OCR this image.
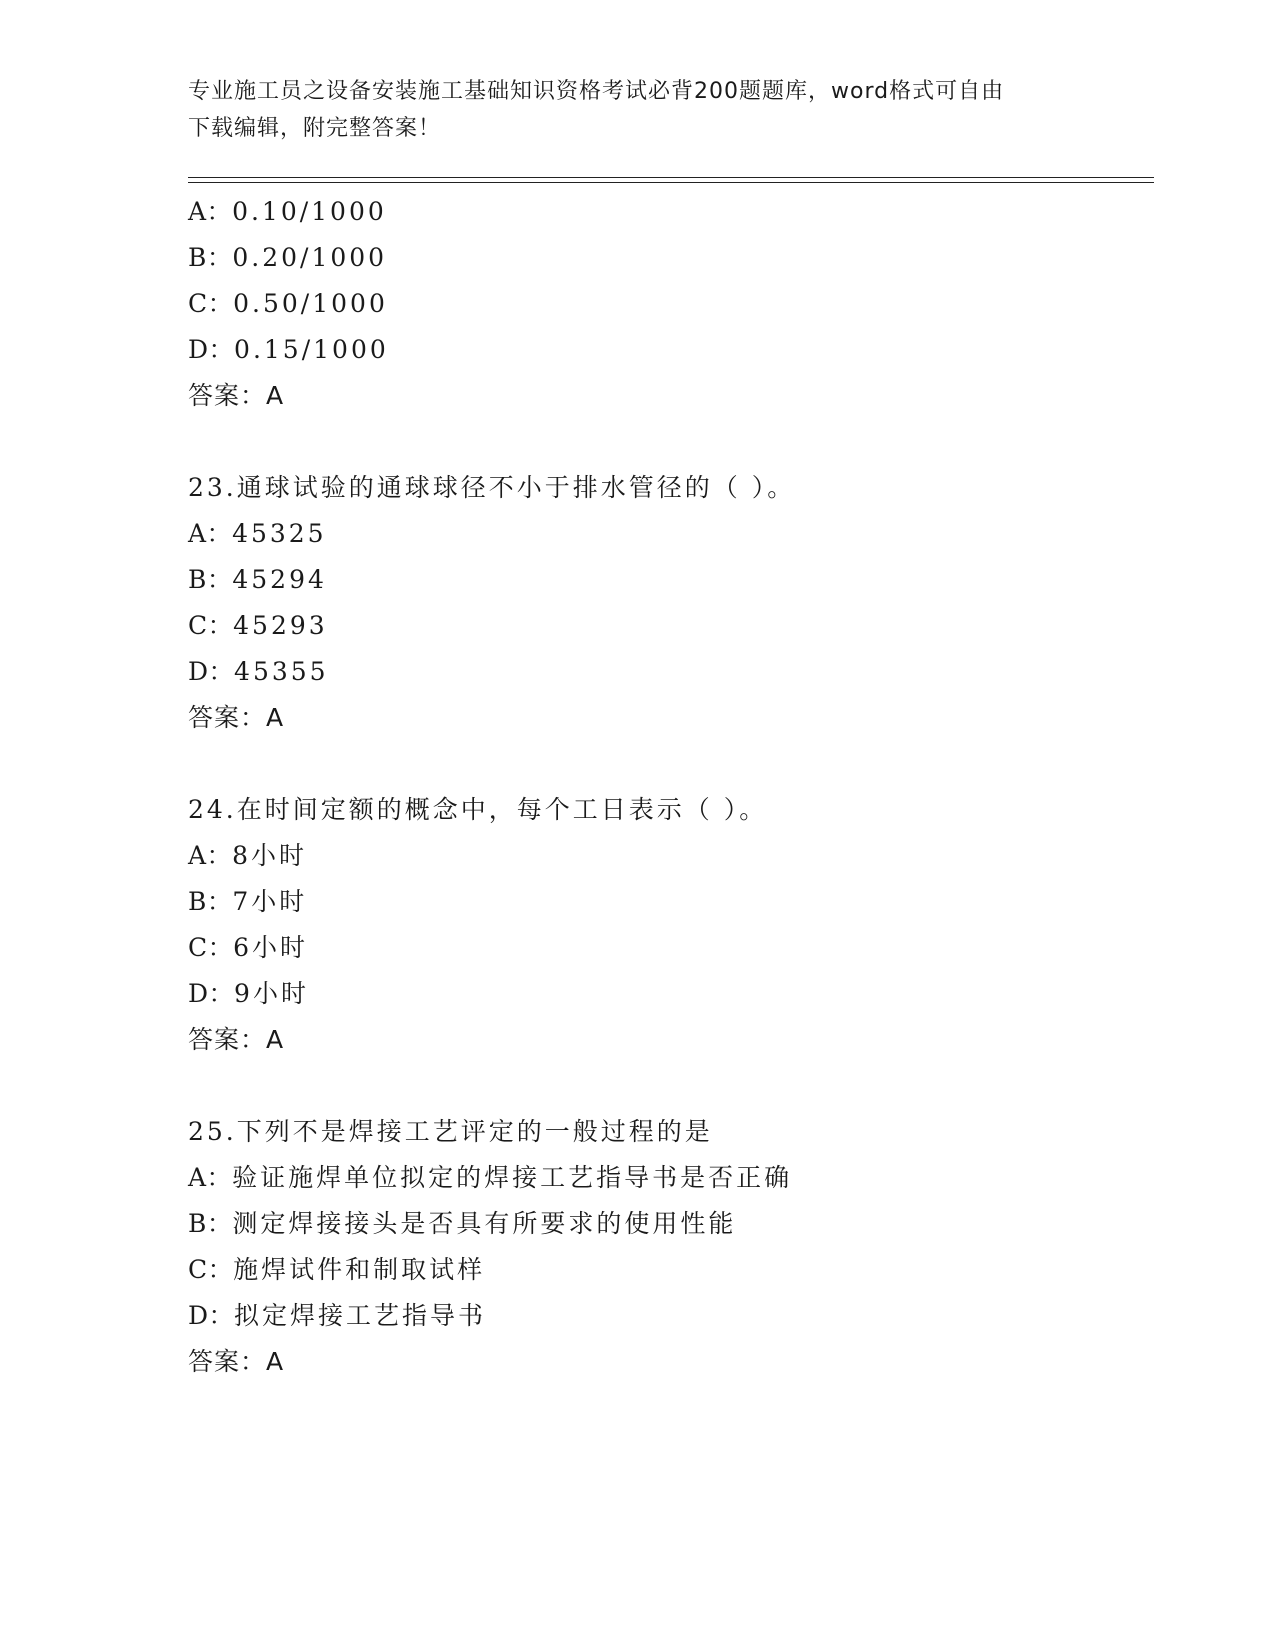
专业施工员之设备安装施工基础知识资格考试必背200题题库，word格式可自由
下载编辑，附完整答案！
A：0.10/1000
B：0.20/1000
C：0.50/1000
D：0.15/1000
答案：A
23.通球试验的通球球径不小于排水管径的（ ）。
A：45325
B：45294
C：45293
D：45355
答案：A
24.在时间定额的概念中，每个工日表示（ ）。
A：8小时
B：7小时
C：6小时
D：9小时
答案：A
25.下列不是焊接工艺评定的一般过程的是
A：验证施焊单位拟定的焊接工艺指导书是否正确
B：测定焊接接头是否具有所要求的使用性能
C：施焊试件和制取试样
D：拟定焊接工艺指导书
答案：A
